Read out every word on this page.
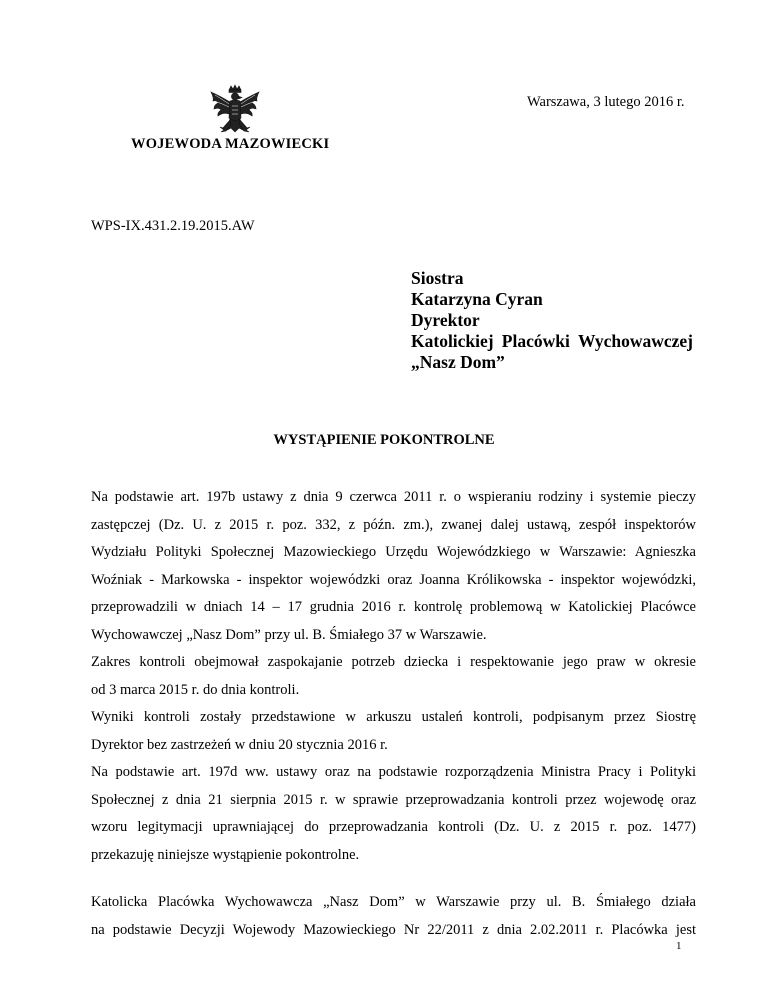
WOJEWODA MAZOWIECKI
Warszawa, 3 lutego 2016 r.
WPS-IX.431.2.19.2015.AW
Siostra
Katarzyna Cyran
Dyrektor
Katolickiej Placówki Wychowawczej
„Nasz Dom”
WYSTĄPIENIE POKONTROLNE
Na podstawie art. 197b ustawy z dnia 9 czerwca 2011 r. o wspieraniu rodziny i systemie pieczy
zastępczej (Dz. U. z 2015 r. poz. 332, z późn. zm.), zwanej dalej ustawą, zespół inspektorów
Wydziału Polityki Społecznej Mazowieckiego Urzędu Wojewódzkiego w Warszawie: Agnieszka
Woźniak - Markowska - inspektor wojewódzki oraz Joanna Królikowska - inspektor wojewódzki,
przeprowadzili w dniach 14 – 17 grudnia 2016 r. kontrolę problemową w Katolickiej Placówce
Wychowawczej „Nasz Dom” przy ul. B. Śmiałego 37 w Warszawie.
Zakres kontroli obejmował zaspokajanie potrzeb dziecka i respektowanie jego praw w okresie
od 3 marca 2015 r. do dnia kontroli.
Wyniki kontroli zostały przedstawione w arkuszu ustaleń kontroli, podpisanym przez Siostrę
Dyrektor bez zastrzeżeń w dniu 20 stycznia 2016 r.
Na podstawie art. 197d ww. ustawy oraz na podstawie rozporządzenia Ministra Pracy i Polityki
Społecznej z dnia 21 sierpnia 2015 r. w sprawie przeprowadzania kontroli przez wojewodę oraz
wzoru legitymacji uprawniającej do przeprowadzania kontroli (Dz. U. z 2015 r. poz. 1477)
przekazuję niniejsze wystąpienie pokontrolne.
Katolicka Placówka Wychowawcza „Nasz Dom” w Warszawie przy ul. B. Śmiałego działa
na podstawie Decyzji Wojewody Mazowieckiego Nr 22/2011 z dnia 2.02.2011 r. Placówka jest
1
